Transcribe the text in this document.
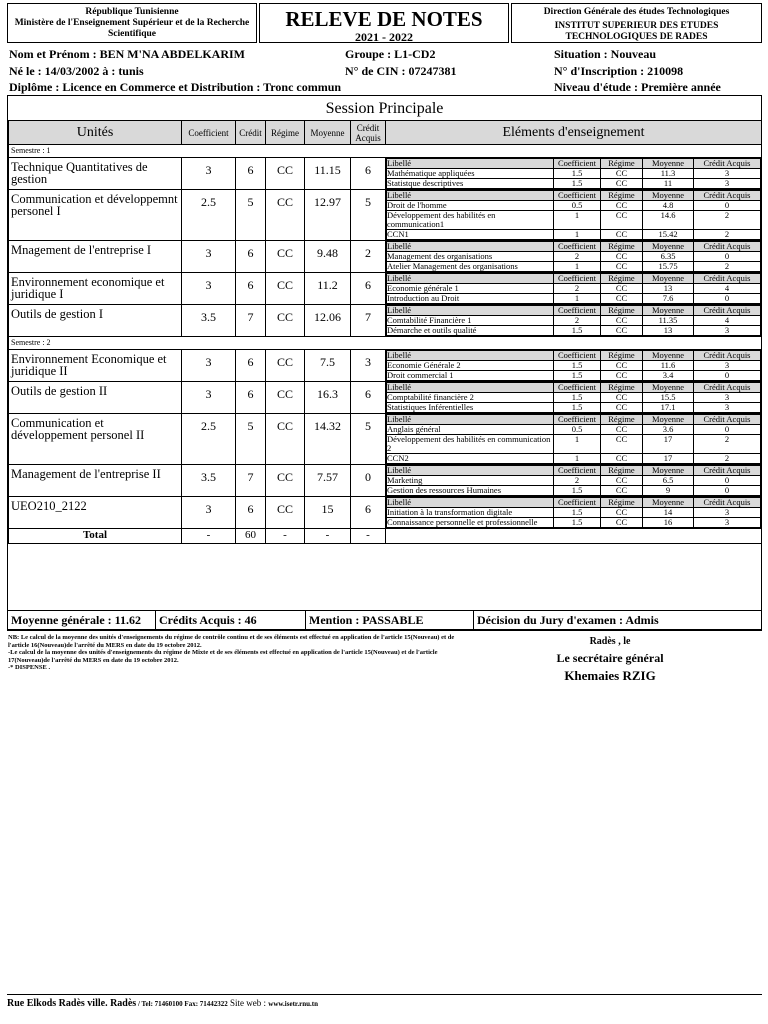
République Tunisienne
Ministère de l'Enseignement Supérieur et de la Recherche Scientifique
RELEVE DE NOTES
2021 - 2022
Direction Générale des études Technologiques
INSTITUT SUPERIEUR DES ETUDES TECHNOLOGIQUES DE RADES
Nom et Prénom : BEN M'NA ABDELKARIM	Groupe : L1-CD2	Situation : Nouveau
Né le : 14/03/2002 à : tunis	N° de CIN : 07247381	N° d'Inscription : 210098
Diplôme : Licence en Commerce et Distribution : Tronc commun	Niveau d'étude : Première année
Session Principale
Unités	Coefficient	Crédit	Régime	Moyenne	Crédit Acquis	Eléments d'enseignement
Semestre : 1
Technique Quantitatives de gestion	3	6	CC	11.15	6	Libellé	Coefficient	Régime	Moyenne	Crédit Acquis
Mathématique appliquées	1.5	CC	11.3	3
Statistque descriptives	1.5	CC	11	3

Communication et développemnt personel I	2.5	5	CC	12.97	5	Libellé	Coefficient	Régime	Moyenne	Crédit Acquis
Droit de l'homme	0.5	CC	4.8	0
Développement des habilités en communication1	1	CC	14.6	2
CCN1	1	CC	15.42	2

Mnagement de l'entreprise I	3	6	CC	9.48	2	Libellé	Coefficient	Régime	Moyenne	Crédit Acquis
Management des organisations	2	CC	6.35	0
Atelier Management des organisations	1	CC	15.75	2

Environnement economique et juridique I	3	6	CC	11.2	6	Libellé	Coefficient	Régime	Moyenne	Crédit Acquis
Economie générale 1	2	CC	13	4
Introduction au Droit	1	CC	7.6	0

Outils de gestion I	3.5	7	CC	12.06	7	Libellé	Coefficient	Régime	Moyenne	Crédit Acquis
Comtabilité Financière 1	2	CC	11.35	4
Démarche et outils qualité	1.5	CC	13	3

Semestre : 2
Environnement Economique et juridique II	3	6	CC	7.5	3	Libellé	Coefficient	Régime	Moyenne	Crédit Acquis
Economie Générale 2	1.5	CC	11.6	3
Droit commercial 1	1.5	CC	3.4	0

Outils de gestion II	3	6	CC	16.3	6	Libellé	Coefficient	Régime	Moyenne	Crédit Acquis
Comptabilité financière 2	1.5	CC	15.5	3
Statistiques Inférentielles	1.5	CC	17.1	3

Communication et développement personel II	2.5	5	CC	14.32	5	Libellé	Coefficient	Régime	Moyenne	Crédit Acquis
Anglais général	0.5	CC	3.6	0
Développement des habilités en communication 2	1	CC	17	2
CCN2	1	CC	17	2

Management de l'entreprise II	3.5	7	CC	7.57	0	Libellé	Coefficient	Régime	Moyenne	Crédit Acquis
Marketing	2	CC	6.5	0
Gestion des ressources Humaines	1.5	CC	9	0

UEO210_2122	3	6	CC	15	6	Libellé	Coefficient	Régime	Moyenne	Crédit Acquis
Initiation à la transformation digitale	1.5	CC	14	3
Connaissance personnelle et professionnelle	1.5	CC	16	3

Total	-	60	-	-	-	
Moyenne générale : 11.62	Crédits Acquis : 46	Mention : PASSABLE	Décision du Jury d'examen : Admis
NB: Le calcul de la moyenne des unités d'enseignements du régime de contrôle continu et de ses éléments est effectué en application de l'article 15(Nouveau) et de l'article 16(Nouveau)de l'arrêté du MERS en date du 19 octobre 2012.
-Le calcul de la moyenne des unités d'enseignements du régime de Mixte et de ses éléments est effectué en application de l'article 15(Nouveau) et de l'article 17(Nouveau)de l'arrêté du MERS en date du 19 octobre 2012.
-* DISPENSE .
Radès , le
Le secrétaire général
Khemaies RZIG
Rue Elkods Radès ville. Radès / Tel: 71460100 Fax: 71442322 Site web : www.isetr.rnu.tn
